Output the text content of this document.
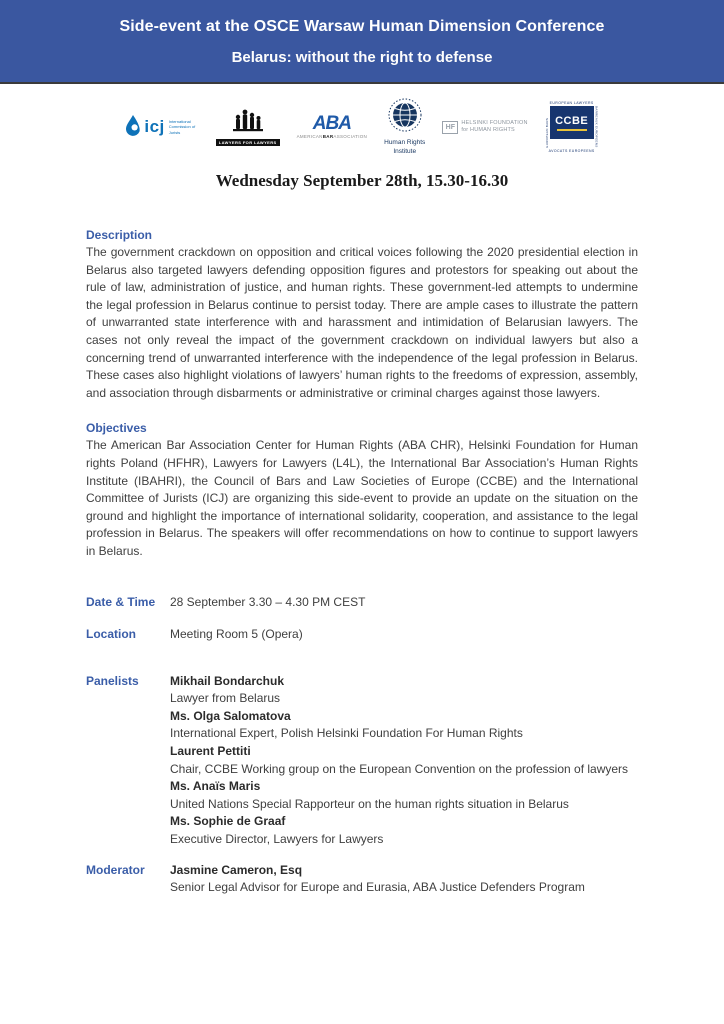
Side-event at the OSCE Warsaw Human Dimension Conference
Belarus: without the right to defense
icj International Commission of Jurists
LAWYERS FOR LAWYERS
ABA
AMERICANBARASSOCIATION
Human Rights
Institute
HF
HELSINKI FOUNDATION
for HUMAN RIGHTS
EUROPEAN LAWYERS
EUROPEAN BARS CCBE BARREAUX EUROPEENS
AVOCATS EUROPEENS
Wednesday September 28th, 15.30-16.30
Description

The government crackdown on opposition and critical voices following the 2020 presidential election in Belarus also targeted lawyers defending opposition figures and protestors for speaking out about the rule of law, administration of justice, and human rights. These government-led attempts to undermine the legal profession in Belarus continue to persist today. There are ample cases to illustrate the pattern of unwarranted state interference with and harassment and intimidation of Belarusian lawyers. The cases not only reveal the impact of the government crackdown on individual lawyers but also a concerning trend of unwarranted interference with the independence of the legal profession in Belarus. These cases also highlight violations of lawyers’ human rights to the freedoms of expression, assembly, and association through disbarments or administrative or criminal charges against those lawyers.

Objectives

The American Bar Association Center for Human Rights (ABA CHR), Helsinki Foundation for Human rights Poland (HFHR), Lawyers for Lawyers (L4L), the International Bar Association’s Human Rights Institute (IBAHRI), the Council of Bars and Law Societies of Europe (CCBE) and the International Committee of Jurists (ICJ) are organizing this side-event to provide an update on the situation on the ground and highlight the importance of international solidarity, cooperation, and assistance to the legal profession in Belarus. The speakers will offer recommendations on how to continue to support lawyers in Belarus.

Date & Time	28 September 3.30 – 4.30 PM CEST
Location	Meeting Room 5 (Opera)
Panelists	Mikhail Bondarchuk
Lawyer from Belarus
Ms. Olga Salomatova
International Expert, Polish Helsinki Foundation For Human Rights
Laurent Pettiti
Chair, CCBE Working group on the European Convention on the profession of lawyers
Ms. Anaïs Maris
United Nations Special Rapporteur on the human rights situation in Belarus
Ms. Sophie de Graaf
Executive Director, Lawyers for Lawyers
Moderator	Jasmine Cameron, Esq
Senior Legal Advisor for Europe and Eurasia, ABA Justice Defenders Program
